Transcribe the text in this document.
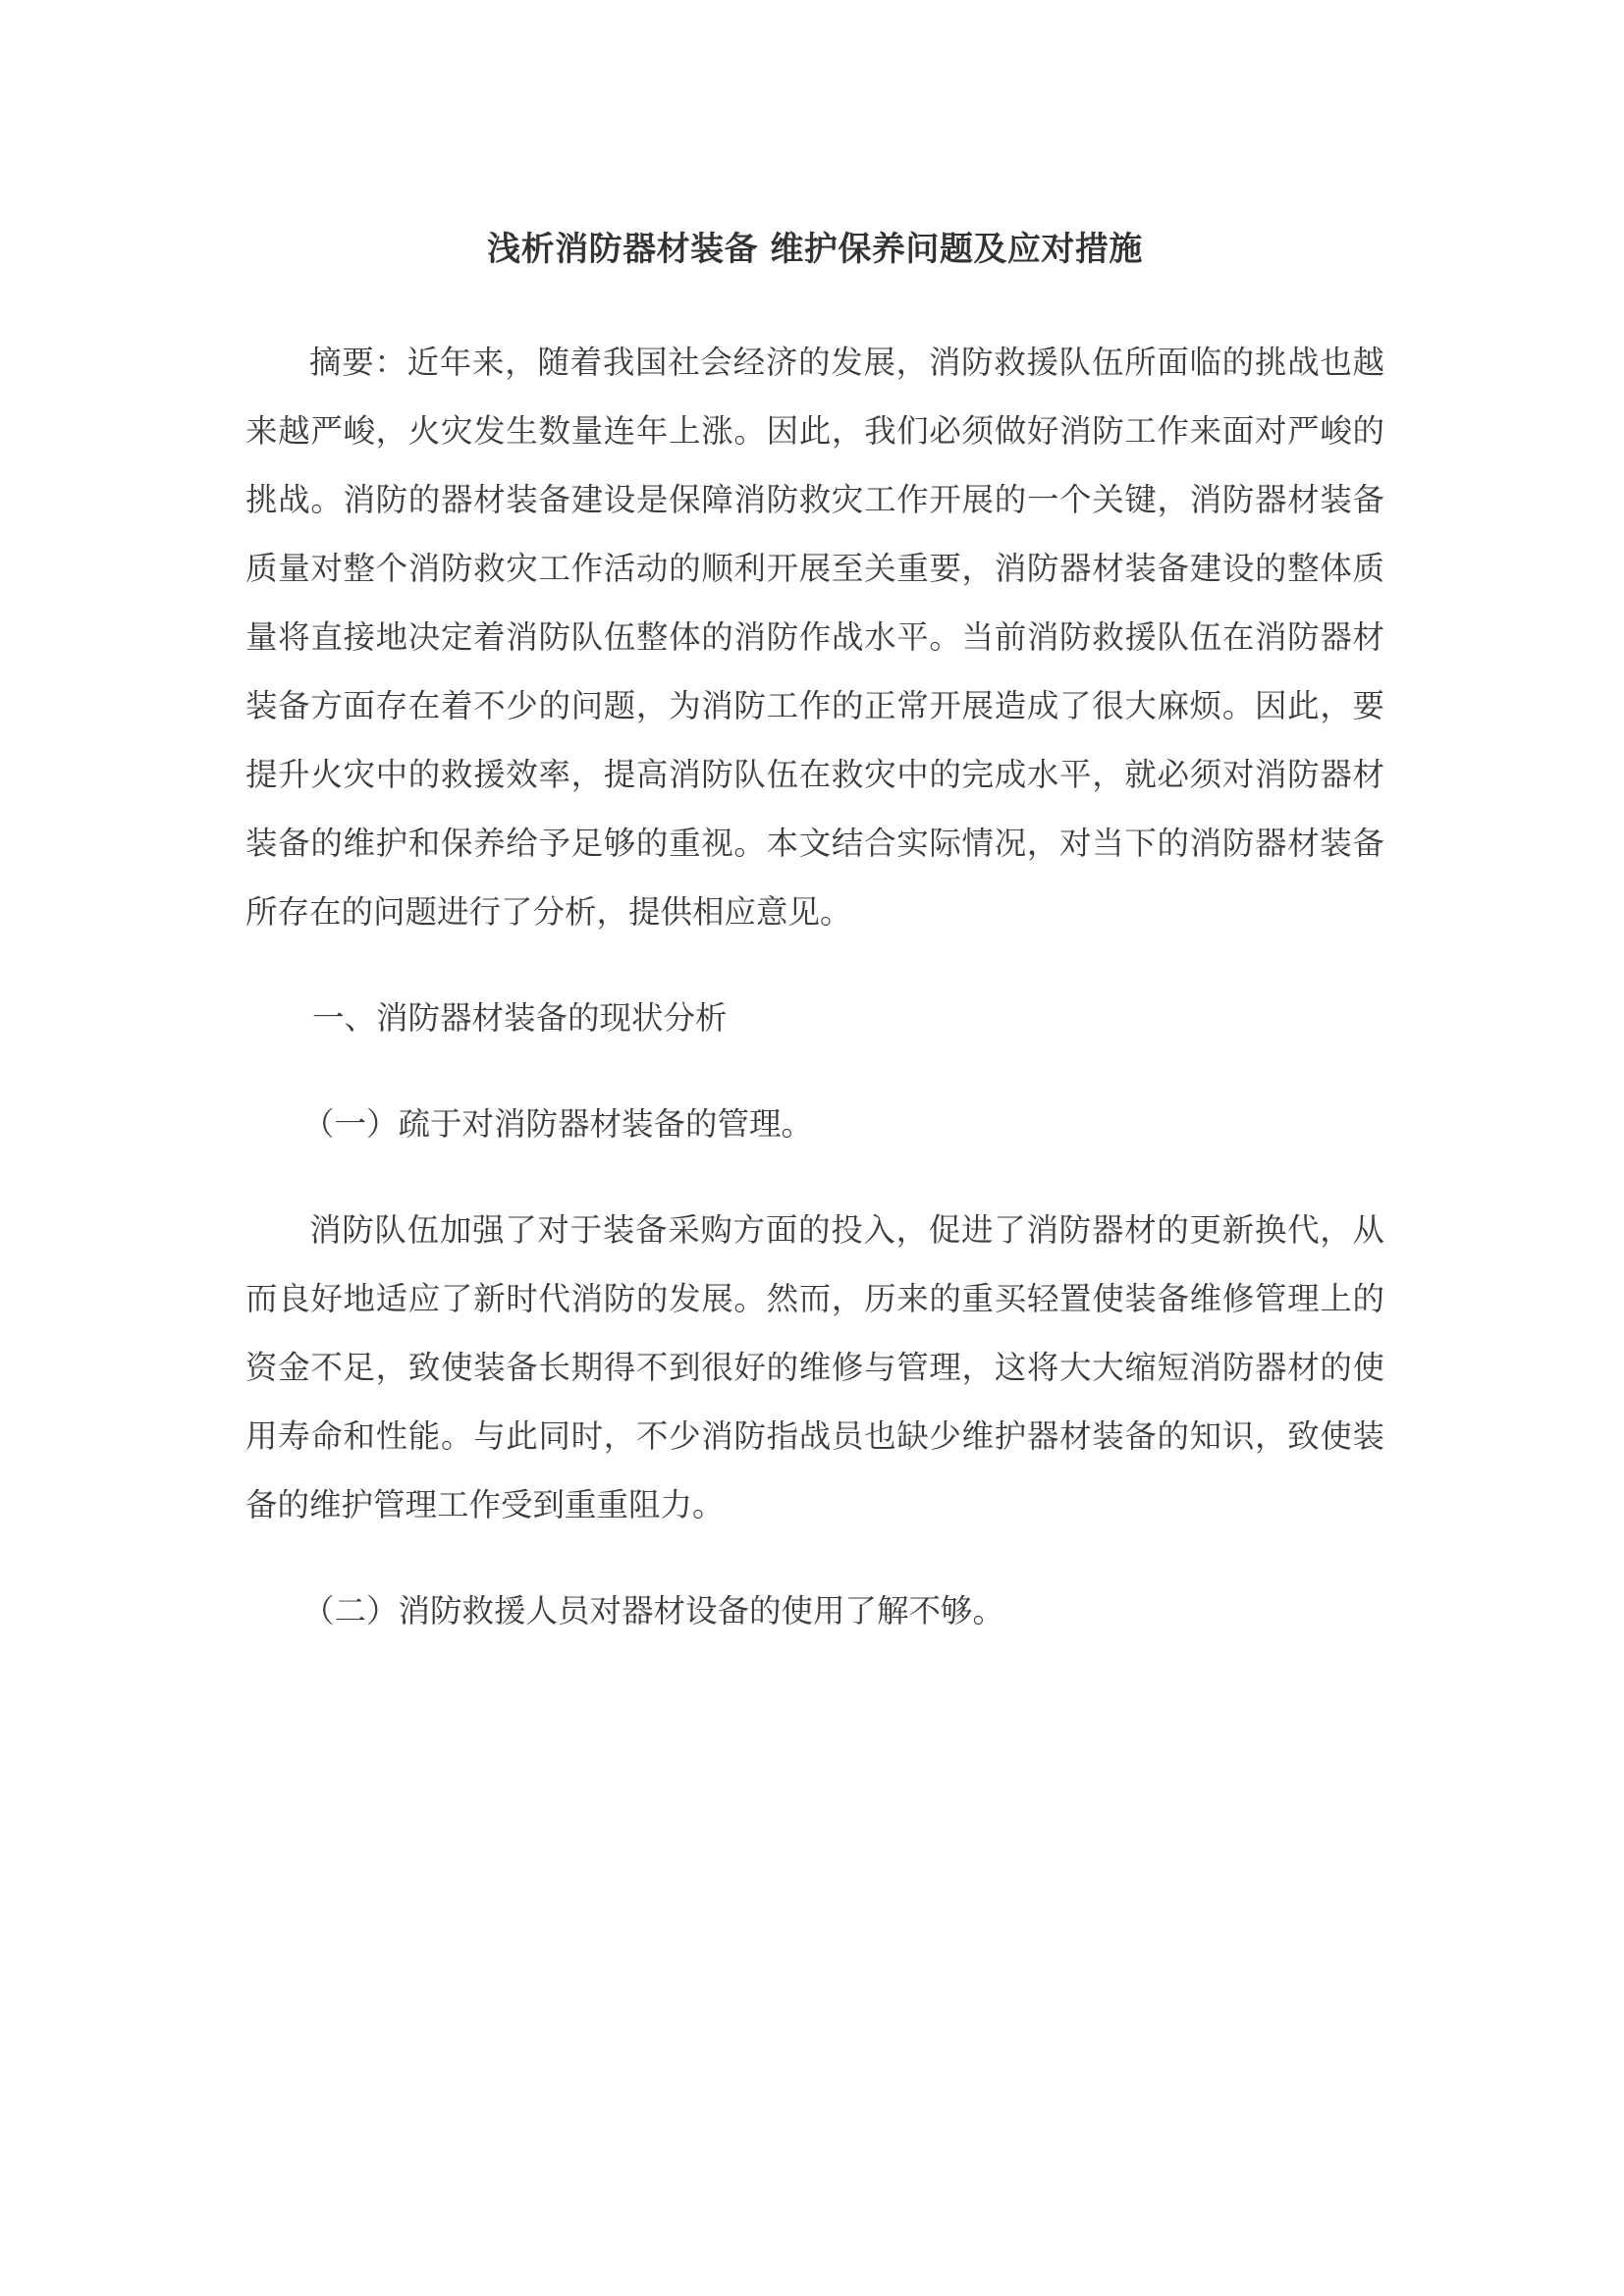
浅析消防器材装备 维护保养问题及应对措施

摘要：近年来，随着我国社会经济的发展，消防救援队伍所面临的挑战也越来越严峻，火灾发生数量连年上涨。因此，我们必须做好消防工作来面对严峻的挑战。消防的器材装备建设是保障消防救灾工作开展的一个关键，消防器材装备质量对整个消防救灾工作活动的顺利开展至关重要，消防器材装备建设的整体质量将直接地决定着消防队伍整体的消防作战水平。当前消防救援队伍在消防器材装备方面存在着不少的问题，为消防工作的正常开展造成了很大麻烦。因此，要提升火灾中的救援效率，提高消防队伍在救灾中的完成水平，就必须对消防器材装备的维护和保养给予足够的重视。本文结合实际情况，对当下的消防器材装备所存在的问题进行了分析，提供相应意见。

一、消防器材装备的现状分析

（一）疏于对消防器材装备的管理。

消防队伍加强了对于装备采购方面的投入，促进了消防器材的更新换代，从而良好地适应了新时代消防的发展。然而，历来的重买轻置使装备维修管理上的资金不足，致使装备长期得不到很好的维修与管理，这将大大缩短消防器材的使用寿命和性能。与此同时，不少消防指战员也缺少维护器材装备的知识，致使装备的维护管理工作受到重重阻力。

（二）消防救援人员对器材设备的使用了解不够。
